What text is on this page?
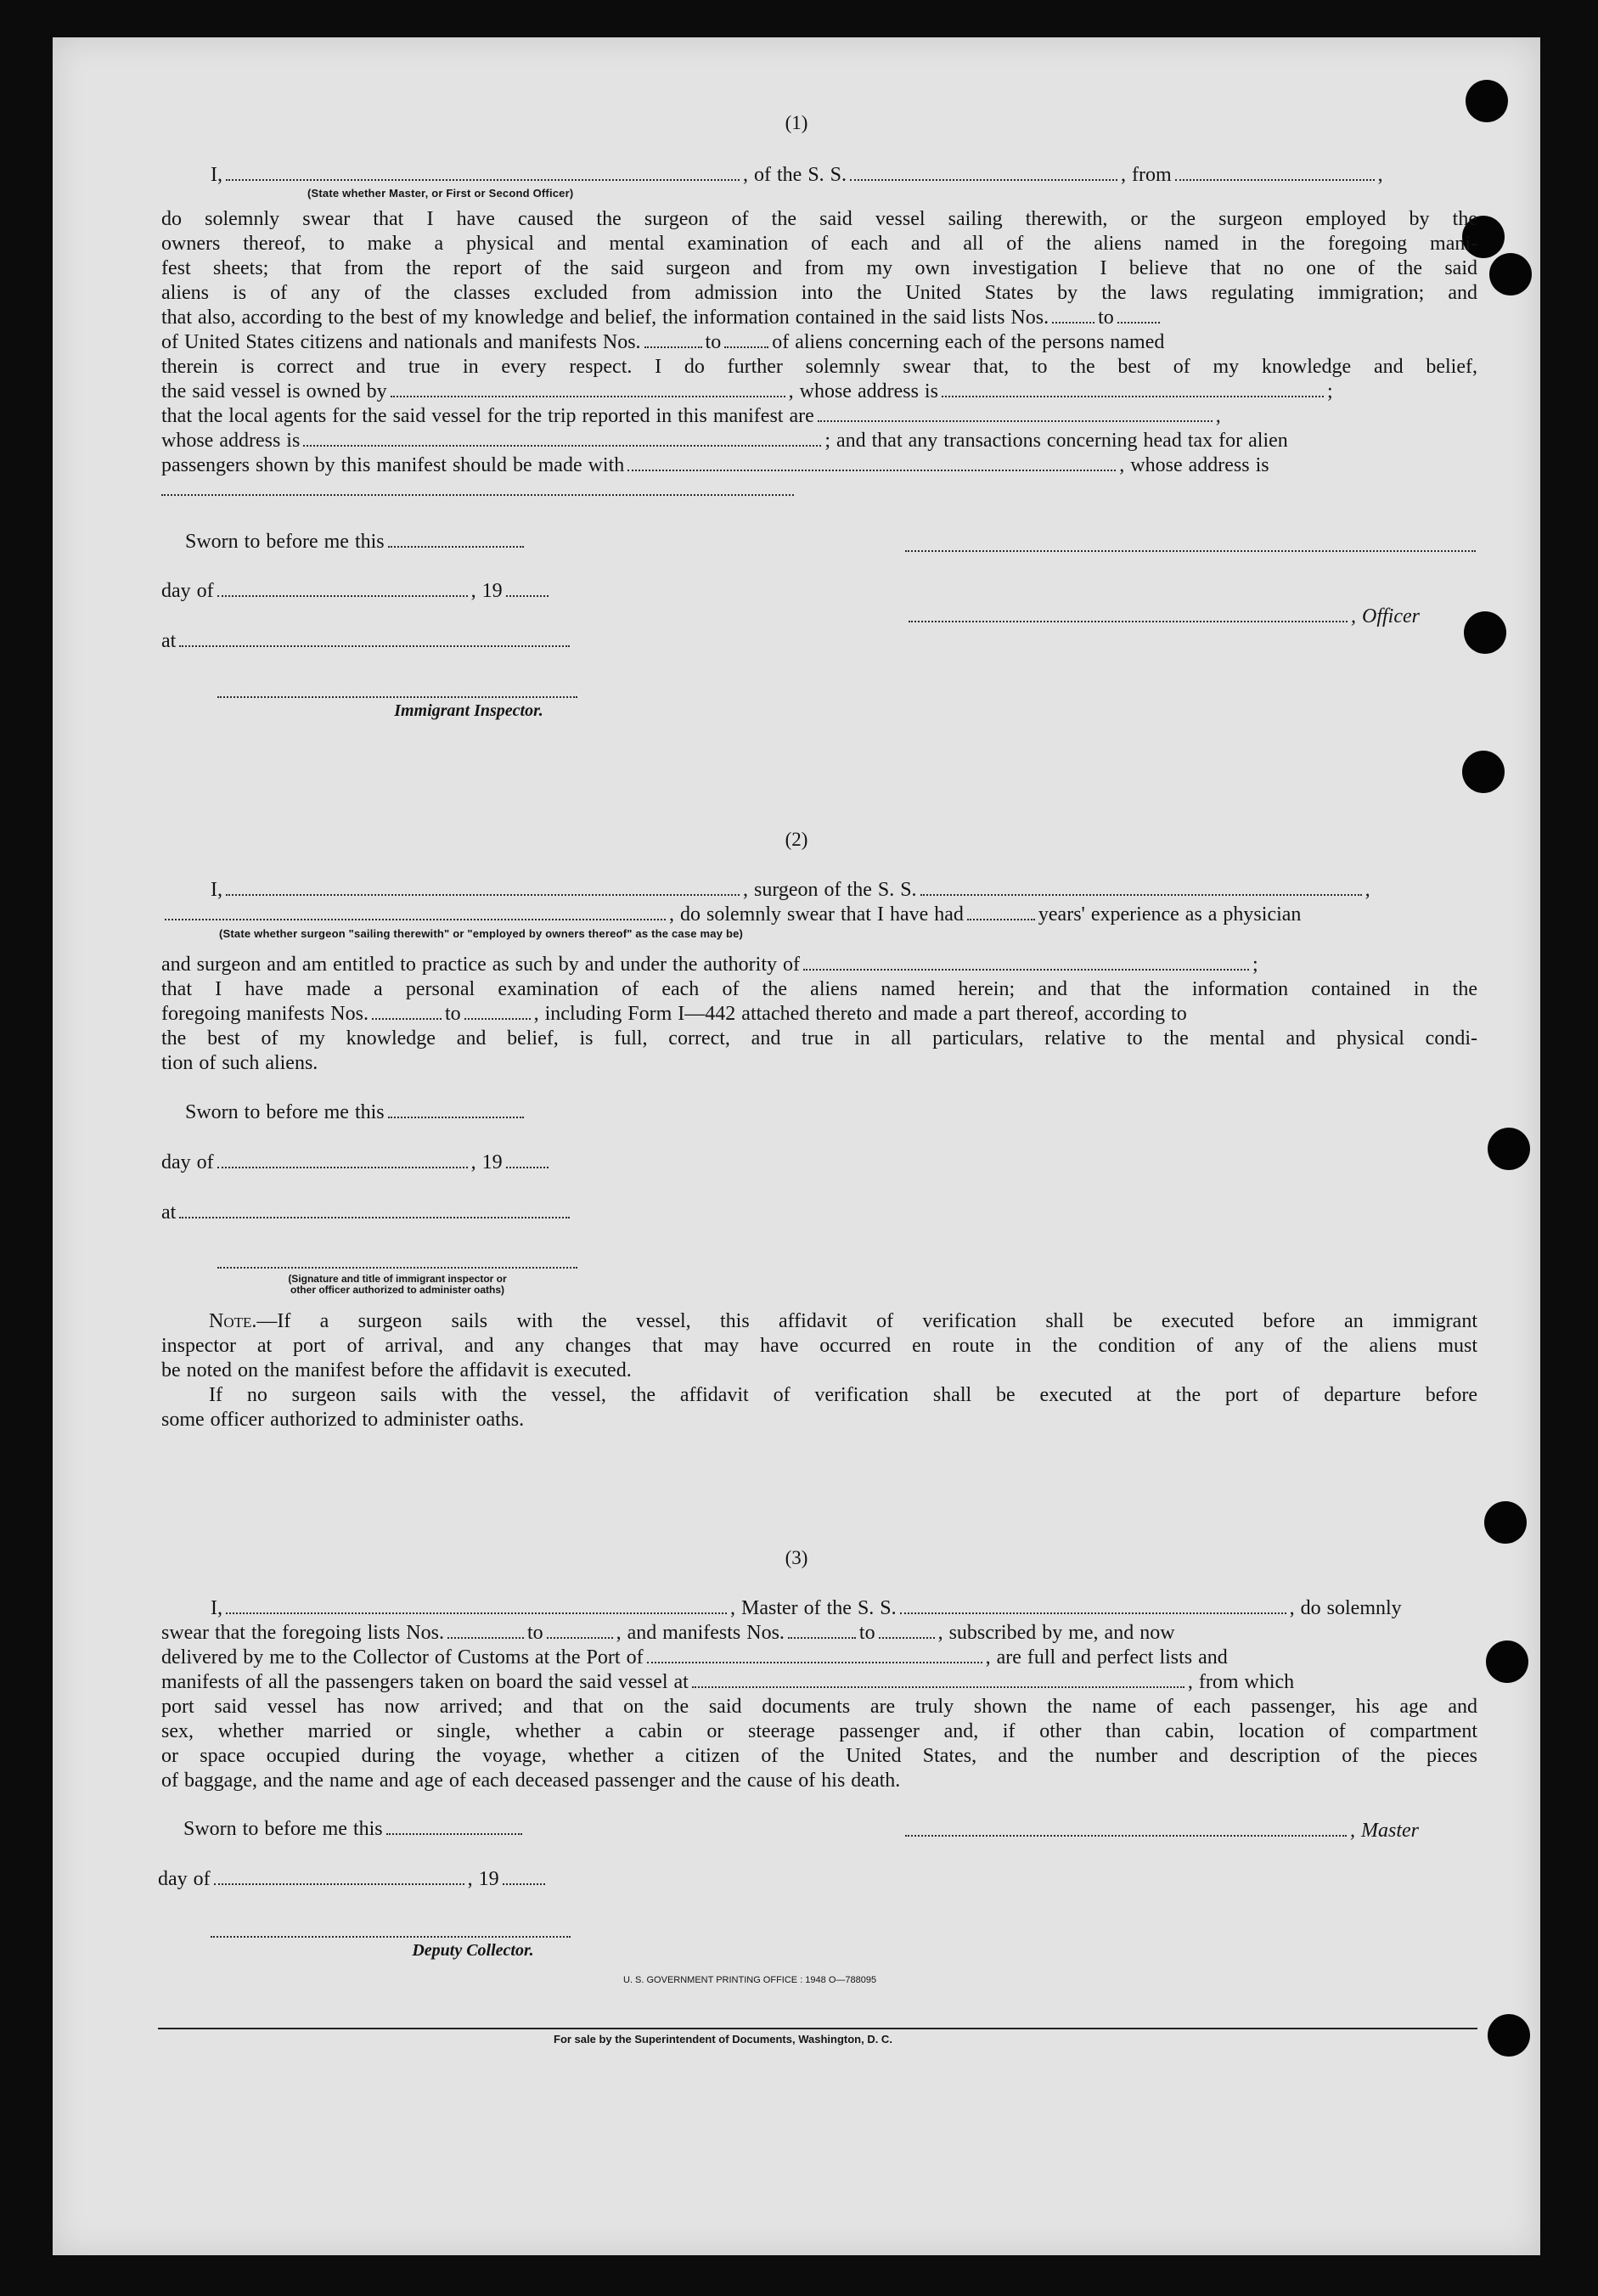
(1)
I,	, of the S. S.	, from	,
(State whether Master, or First or Second Officer)
do solemnly swear that I have caused the surgeon of the said vessel sailing therewith, or the surgeon employed by the
owners thereof, to make a physical and mental examination of each and all of the aliens named in the foregoing mani-
fest sheets; that from the report of the said surgeon and from my own investigation I believe that no one of the said
aliens is of any of the classes excluded from admission into the United States by the laws regulating immigration; and
that also, according to the best of my knowledge and belief, the information contained in the said lists Nos. to
of United States citizens and nationals and manifests Nos.	to	of aliens concerning each of the persons named
therein is correct and true in every respect. I do further solemnly swear that, to the best of my knowledge and belief,
the said vessel is owned by	, whose address is	;
that the local agents for the said vessel for the trip reported in this manifest are	,
whose address is	; and that any transactions concerning head tax for alien
passengers shown by this manifest should be made with	, whose address is
Sworn to before me this
day of	, 19
, Officer
at
Immigrant Inspector.
(2)
I,	, surgeon of the S. S.	,
, do solemnly swear that I have had	years' experience as a physician
(State whether surgeon "sailing therewith" or "employed by owners thereof" as the case may be)
and surgeon and am entitled to practice as such by and under the authority of	;
that I have made a personal examination of each of the aliens named herein; and that the information contained in the
foregoing manifests Nos.	to	, including Form I—442 attached thereto and made a part thereof, according to
the best of my knowledge and belief, is full, correct, and true in all particulars, relative to the mental and physical condi-
tion of such aliens.
Sworn to before me this
day of	, 19
at
(Signature and title of immigrant inspector or
other officer authorized to administer oaths)
Note.—If a surgeon sails with the vessel, this affidavit of verification shall be executed before an immigrant
inspector at port of arrival, and any changes that may have occurred en route in the condition of any of the aliens must
be noted on the manifest before the affidavit is executed.
If no surgeon sails with the vessel, the affidavit of verification shall be executed at the port of departure before
some officer authorized to administer oaths.
(3)
I,	, Master of the S. S.	, do solemnly
swear that the foregoing lists Nos.	to	, and manifests Nos.	to	, subscribed by me, and now
delivered by me to the Collector of Customs at the Port of	, are full and perfect lists and
manifests of all the passengers taken on board the said vessel at	, from which
port said vessel has now arrived; and that on the said documents are truly shown the name of each passenger, his age and
sex, whether married or single, whether a cabin or steerage passenger and, if other than cabin, location of compartment
or space occupied during the voyage, whether a citizen of the United States, and the number and description of the pieces
of baggage, and the name and age of each deceased passenger and the cause of his death.
Sworn to before me this	, Master
day of	, 19
Deputy Collector.
U. S. GOVERNMENT PRINTING OFFICE : 1948 O—788095
For sale by the Superintendent of Documents, Washington, D. C.
